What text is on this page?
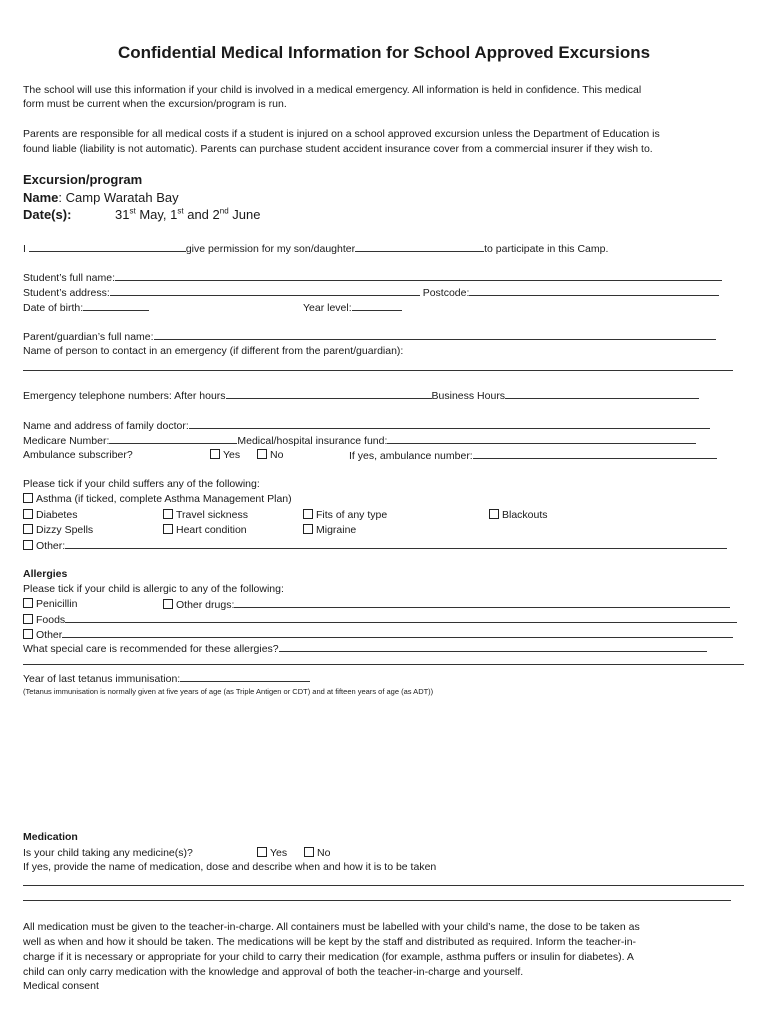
Confidential Medical Information for School Approved Excursions
The school will use this information if your child is involved in a medical emergency. All information is held in confidence. This medical
form must be current when the excursion/program is run.
Parents are responsible for all medical costs if a student is injured on a school approved excursion unless the Department of Education is
found liable (liability is not automatic). Parents can purchase student accident insurance cover from a commercial insurer if they wish to.
Excursion/program
Name: Camp Waratah Bay
Date(s):	31st May, 1st and 2nd June
I	give permission for my son/daughter	to participate in this Camp.
Student’s full name:
Student’s address:	Postcode:
Date of birth:	Year level:
Parent/guardian’s full name:
Name of person to contact in an emergency (if different from the parent/guardian):
Emergency telephone numbers: After hours	Business Hours
Name and address of family doctor:
Medicare Number:	Medical/hospital insurance fund:
Ambulance subscriber?	Yes	No	If yes, ambulance number:
Please tick if your child suffers any of the following:
Asthma (if ticked, complete Asthma Management Plan)
Diabetes	Travel sickness	Fits of any type	Blackouts
Dizzy Spells	Heart condition	Migraine
Other:
Allergies
Please tick if your child is allergic to any of the following:
Penicillin	Other drugs:
Foods
Other
What special care is recommended for these allergies?
Year of last tetanus immunisation:
(Tetanus immunisation is normally given at five years of age (as Triple Antigen or CDT) and at fifteen years of age (as ADT))
Medication
Is your child taking any medicine(s)?	Yes	No
If yes, provide the name of medication, dose and describe when and how it is to be taken
All medication must be given to the teacher-in-charge. All containers must be labelled with your child’s name, the dose to be taken as
well as when and how it should be taken. The medications will be kept by the staff and distributed as required. Inform the teacher-in-
charge if it is necessary or appropriate for your child to carry their medication (for example, asthma puffers or insulin for diabetes). A
child can only carry medication with the knowledge and approval of both the teacher-in-charge and yourself.
Medical consent
